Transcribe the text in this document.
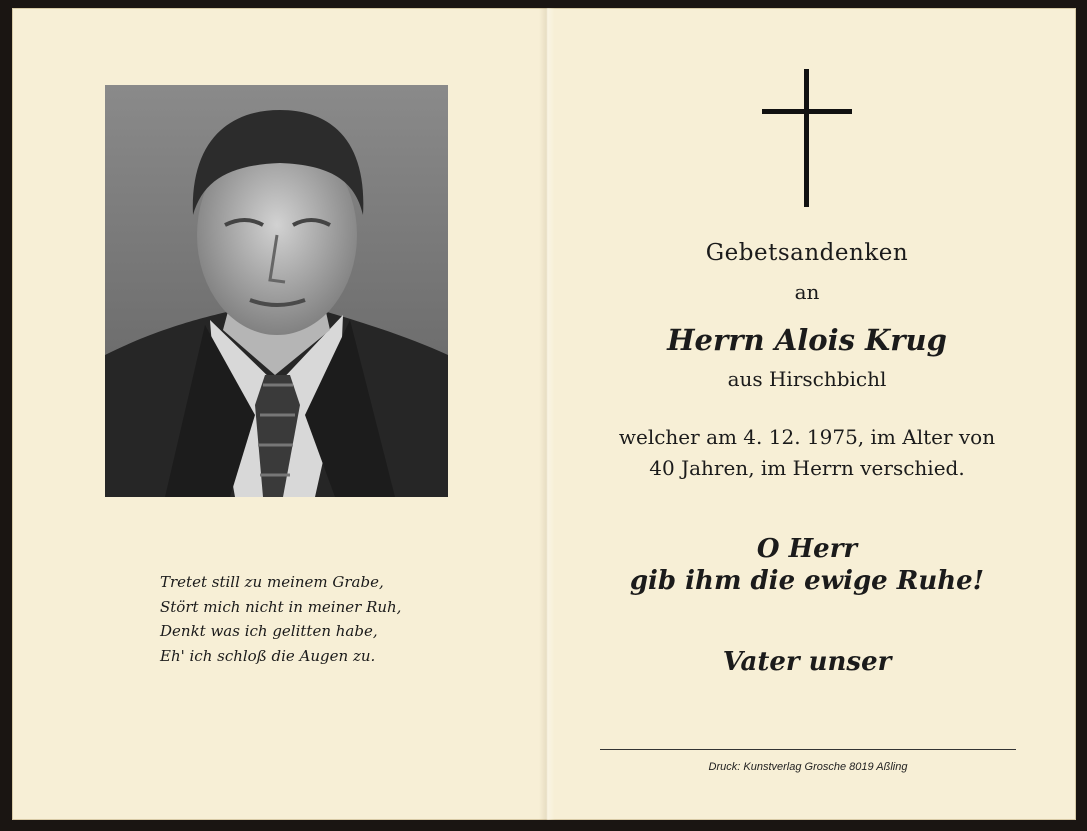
Tretet still zu meinem Grabe,
Stört mich nicht in meiner Ruh,
Denkt was ich gelitten habe,
Eh' ich schloß die Augen zu.
Gebetsandenken
an
Herrn Alois Krug
aus Hirschbichl
welcher am 4. 12. 1975, im Alter von
40 Jahren, im Herrn verschied.
O Herr
gib ihm die ewige Ruhe!
Vater unser
Druck: Kunstverlag Grosche 8019 Aßling
